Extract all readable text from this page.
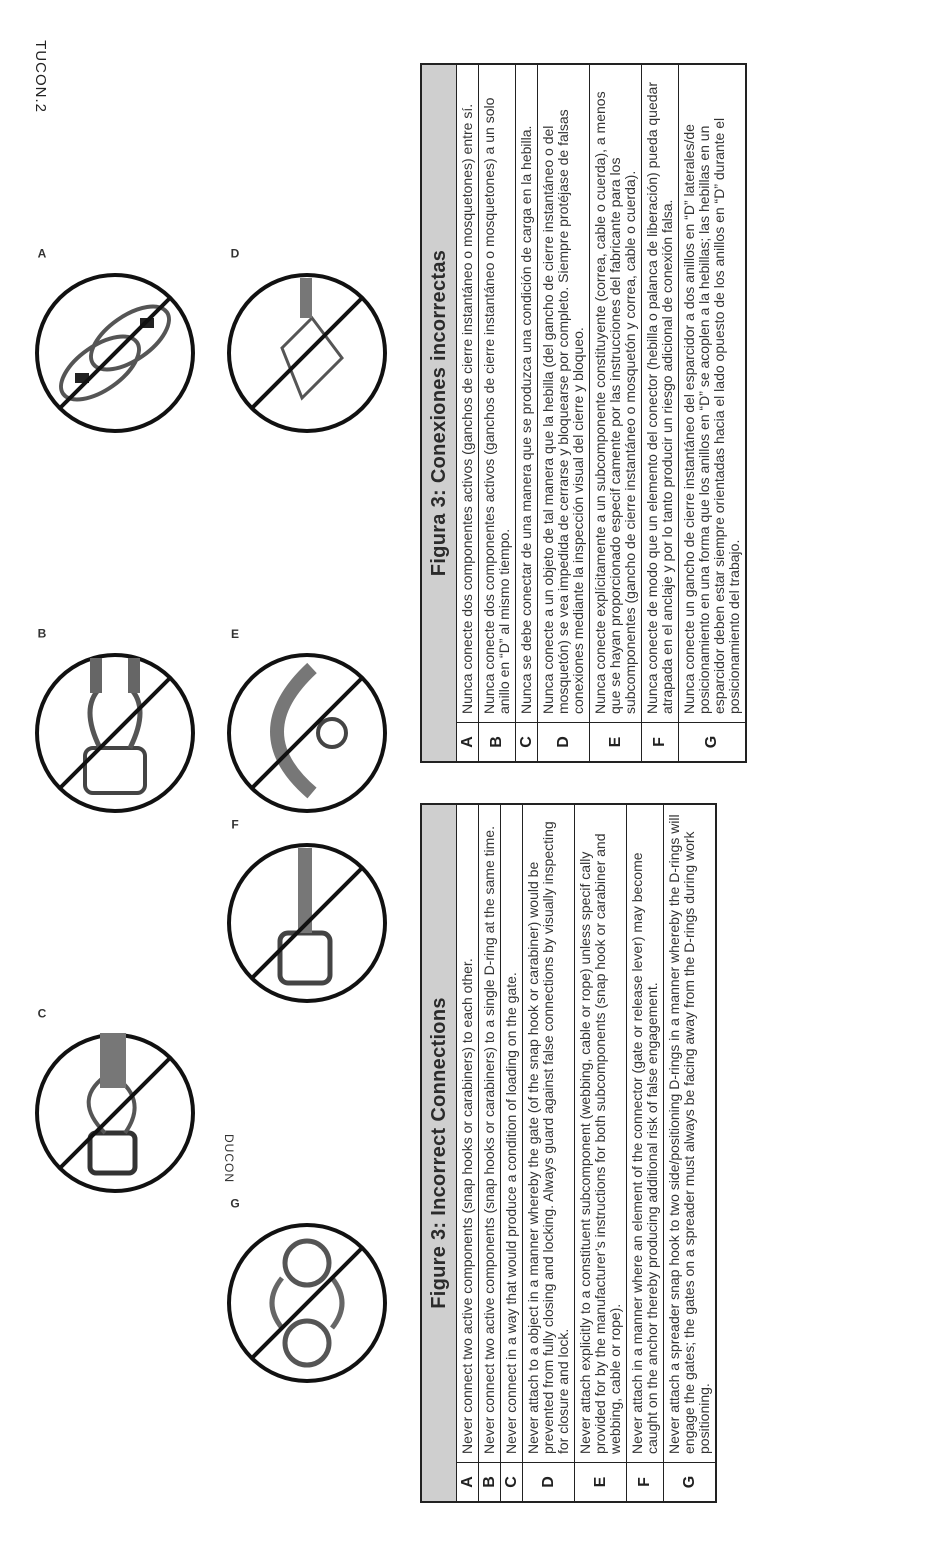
TUCON.2
A
B
C
D
E
F
G
DUCON	Figure 3: Incorrect Connections
A
Never connect two active components (snap hooks or carabiners) to each other.
B
Never connect two active components (snap hooks or carabiners) to a single D-ring at the same time.
C
Never connect in a way that would produce a condition of loading on the gate.
D
Never attach to a object in a manner whereby the gate (of the snap hook or carabiner) would be prevented from fully closing and locking. Always guard against false connections by visually inspecting for closure and lock.
E
Never attach explicitly to a constituent subcomponent (webbing, cable or rope) unless specif cally provided for by the manufacturer’s instructions for both subcomponents (snap hook or carabiner and webbing, cable or rope).
F
Never attach in a manner where an element of the connector (gate or release lever) may become caught on the anchor thereby producing additional risk of false engagement.
G
Never attach a spreader snap hook to two side/positioning D-rings in a manner whereby the D-rings will engage the gates; the gates on a spreader must always be facing away from the D-rings during work positioning.
Figura 3: Conexiones incorrectas
A
Nunca conecte dos componentes activos (ganchos de cierre instantáneo o mosquetones) entre sí.
B
Nunca conecte dos componentes activos (ganchos de cierre instantáneo o mosquetones) a un solo anillo en “D” al mismo tiempo.
C
Nunca se debe conectar de una manera que se produzca una condición de carga en la hebilla.
D
Nunca conecte a un objeto de tal manera que la hebilla (del gancho de cierre instantáneo o del mosquetón) se vea impedida de cerrarse y bloquearse por completo. Siempre protéjase de falsas conexiones mediante la inspección visual del cierre y bloqueo.
E
Nunca conecte explícitamente a un subcomponente constituyente (correa, cable o cuerda), a menos que se hayan proporcionado especif camente por las instrucciones del fabricante para los subcomponentes (gancho de cierre instantáneo o mosquetón y correa, cable o cuerda).
F
Nunca conecte de modo que un elemento del conector (hebilla o palanca de liberación) pueda quedar atrapada en el anclaje y por lo tanto producir un riesgo adicional de conexión falsa.
G
Nunca conecte un gancho de cierre instantáneo del esparcidor a dos anillos en “D” laterales/de posicionamiento en una forma que los anillos en “D” se acoplen a la hebillas; las hebillas en un esparcidor deben estar siempre orientadas hacia el lado opuesto de los anillos en “D” durante el posicionamiento del trabajo.
